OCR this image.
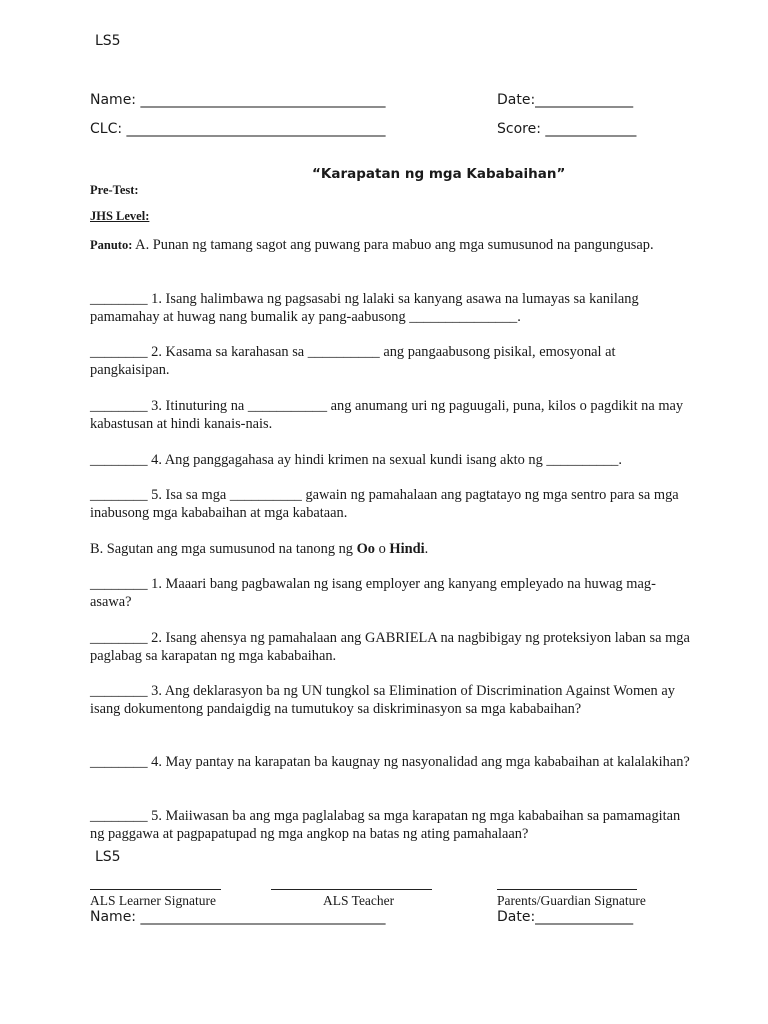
LS5
Name: ___________________________________	Date:______________
CLC: _____________________________________	Score: _____________
“Karapatan ng mga Kababaihan”
Pre-Test:
JHS Level:
Panuto: A. Punan ng tamang sagot ang puwang para mabuo ang mga sumusunod na pangungusap.
________ 1. Isang halimbawa ng pagsasabi ng lalaki sa kanyang asawa na lumayas sa kanilang pamamahay at huwag nang bumalik ay pang-aabusong _______________.
________ 2. Kasama sa karahasan sa __________ ang pangaabusong pisikal, emosyonal at pangkaisipan.
________ 3. Itinuturing na ___________ ang anumang uri ng paguugali, puna, kilos o pagdikit na may kabastusan at hindi kanais-nais.
________ 4. Ang panggagahasa ay hindi krimen na sexual kundi isang akto ng __________.
________ 5. Isa sa mga __________ gawain ng pamahalaan ang pagtatayo ng mga sentro para sa mga inabusong mga kababaihan at mga kabataan.
B. Sagutan ang mga sumusunod na tanong ng Oo o Hindi.
________ 1. Maaari bang pagbawalan ng isang employer ang kanyang empleyado na huwag mag-asawa?
________ 2. Isang ahensya ng pamahalaan ang GABRIELA na nagbibigay ng proteksiyon laban sa mga paglabag sa karapatan ng mga kababaihan.
________ 3. Ang deklarasyon ba ng UN tungkol sa Elimination of Discrimination Against Women ay isang dokumentong pandaigdig na tumutukoy sa diskriminasyon sa mga kababaihan?
________ 4. May pantay na karapatan ba kaugnay ng nasyonalidad ang mga kababaihan at kalalakihan?
________ 5. Maiiwasan ba ang mga paglalabag sa mga karapatan ng mga kababaihan sa pamamagitan ng paggawa at pagpapatupad ng mga angkop na batas ng ating pamahalaan?
LS5
ALS Learner Signature	ALS Teacher	Parents/Guardian Signature
Name: ___________________________________	Date:______________
